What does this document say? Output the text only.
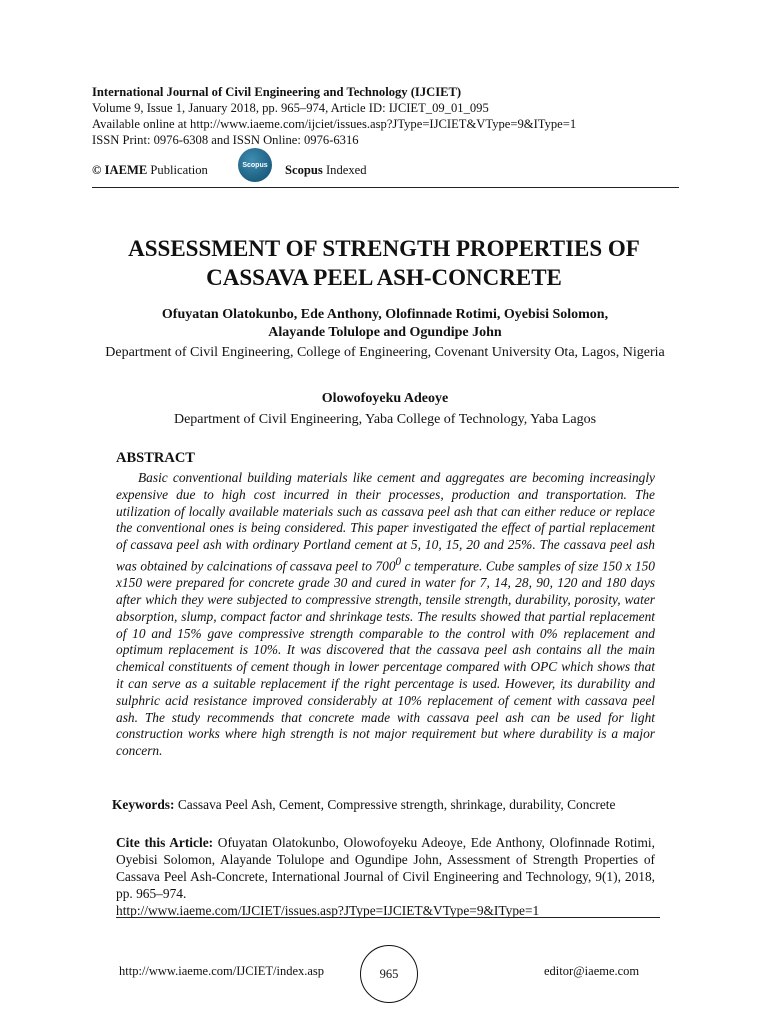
International Journal of Civil Engineering and Technology (IJCIET)
Volume 9, Issue 1, January 2018, pp. 965–974, Article ID: IJCIET_09_01_095
Available online at http://www.iaeme.com/ijciet/issues.asp?JType=IJCIET&VType=9&IType=1
ISSN Print: 0976-6308 and ISSN Online: 0976-6316
© IAEME Publication	Scopus Scopus Indexed
ASSESSMENT OF STRENGTH PROPERTIES OF
CASSAVA PEEL ASH-CONCRETE
Ofuyatan Olatokunbo, Ede Anthony, Olofinnade Rotimi, Oyebisi Solomon,
Alayande Tolulope and Ogundipe John
Department of Civil Engineering, College of Engineering, Covenant University Ota, Lagos, Nigeria
Olowofoyeku Adeoye
Department of Civil Engineering, Yaba College of Technology, Yaba Lagos
ABSTRACT

Basic conventional building materials like cement and aggregates are becoming increasingly expensive due to high cost incurred in their processes, production and transportation. The utilization of locally available materials such as cassava peel ash that can either reduce or replace the conventional ones is being considered. This paper investigated the effect of partial replacement of cassava peel ash with ordinary Portland cement at 5, 10, 15, 20 and 25%. The cassava peel ash was obtained by calcinations of cassava peel to $700^0$ c temperature. Cube samples of size 150 x 150 x150 were prepared for concrete grade 30 and cured in water for 7, 14, 28, 90, 120 and 180 days after which they were subjected to compressive strength, tensile strength, durability, porosity, water absorption, slump, compact factor and shrinkage tests. The results showed that partial replacement of 10 and 15% gave compressive strength comparable to the control with 0% replacement and optimum replacement is 10%. It was discovered that the cassava peel ash contains all the main chemical constituents of cement though in lower percentage compared with OPC which shows that it can serve as a suitable replacement if the right percentage is used. However, its durability and sulphric acid resistance improved considerably at 10% replacement of cement with cassava peel ash. The study recommends that concrete made with cassava peel ash can be used for light construction works where high strength is not major requirement but where durability is a major concern.

Keywords: Cassava Peel Ash, Cement, Compressive strength, shrinkage, durability, Concrete
Cite this Article: Ofuyatan Olatokunbo, Olowofoyeku Adeoye, Ede Anthony, Olofinnade Rotimi, Oyebisi Solomon, Alayande Tolulope and Ogundipe John, Assessment of Strength Properties of Cassava Peel Ash-Concrete, International Journal of Civil Engineering and Technology, 9(1), 2018, pp. 965–974.
http://www.iaeme.com/IJCIET/issues.asp?JType=IJCIET&VType=9&IType=1
http://www.iaeme.com/IJCIET/index.asp	965	editor@iaeme.com
